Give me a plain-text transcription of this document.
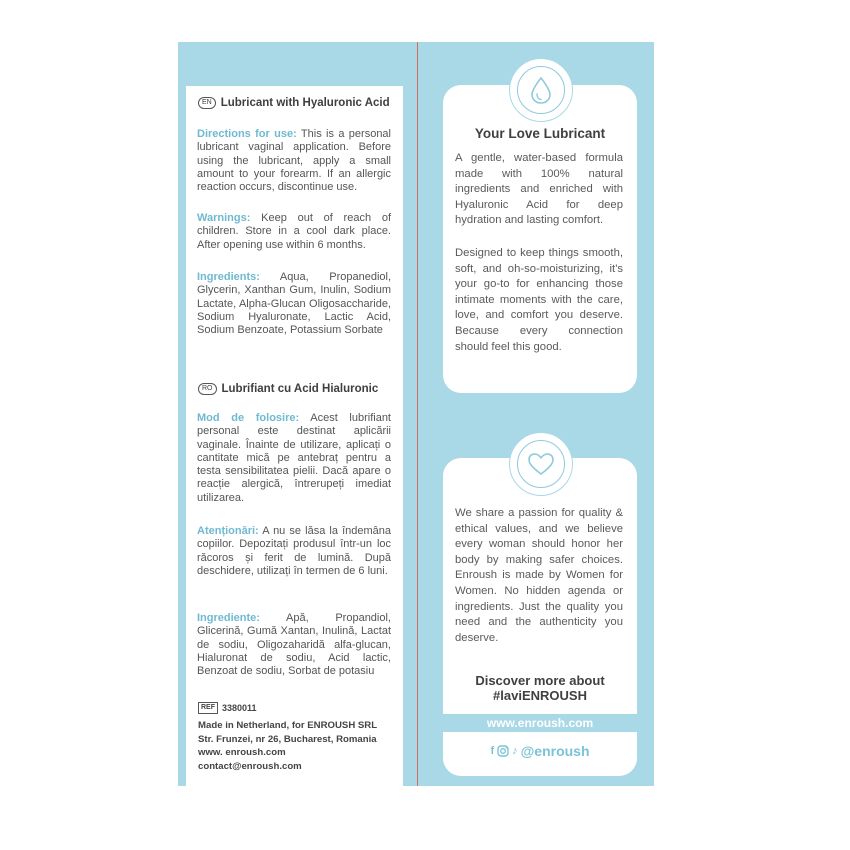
EN Lubricant with Hyaluronic Acid
Directions for use: This is a personal lubricant vaginal application. Before using the lubricant, apply a small amount to your forearm. If an allergic reaction occurs, discontinue use.
Warnings: Keep out of reach of children. Store in a cool dark place. After opening use within 6 months.
Ingredients: Aqua, Propanediol, Glycerin, Xanthan Gum, Inulin, Sodium Lactate, Alpha-Glucan Oligosaccharide, Sodium Hyaluronate, Lactic Acid, Sodium Benzoate, Potassium Sorbate
RO Lubrifiant cu Acid Hialuronic
Mod de folosire: Acest lubrifiant personal este destinat aplicării vaginale. Înainte de utilizare, aplicați o cantitate mică pe antebraț pentru a testa sensibilitatea pielii. Dacă apare o reacție alergică, întrerupeți imediat utilizarea.
Atenționări: A nu se lăsa la îndemâna copiilor. Depozitați produsul într-un loc răcoros și ferit de lumină. După deschidere, utilizați în termen de 6 luni.
Ingrediente: Apă, Propandiol, Glicerină, Gumă Xantan, Inulină, Lactat de sodiu, Oligozaharidă alfa-glucan, Hialuronat de sodiu, Acid lactic, Benzoat de sodiu, Sorbat de potasiu
REF 3380011
Made in Netherland, for ENROUSH SRL
Str. Frunzei, nr 26, Bucharest, Romania
www. enroush.com
contact@enroush.com
Your Love Lubricant
A gentle, water-based formula made with 100% natural ingredients and enriched with Hyaluronic Acid for deep hydration and lasting comfort.
Designed to keep things smooth, soft, and oh-so-moisturizing, it's your go-to for enhancing those intimate moments with the care, love, and comfort you deserve. Because every connection should feel this good.
We share a passion for quality & ethical values, and we believe every woman should honor her body by making safer choices. Enroush is made by Women for Women. No hidden agenda or ingredients. Just the quality you need and the authenticity you deserve.
Discover more about
#laviENROUSH
www.enroush.com
f ♪ @enroush
